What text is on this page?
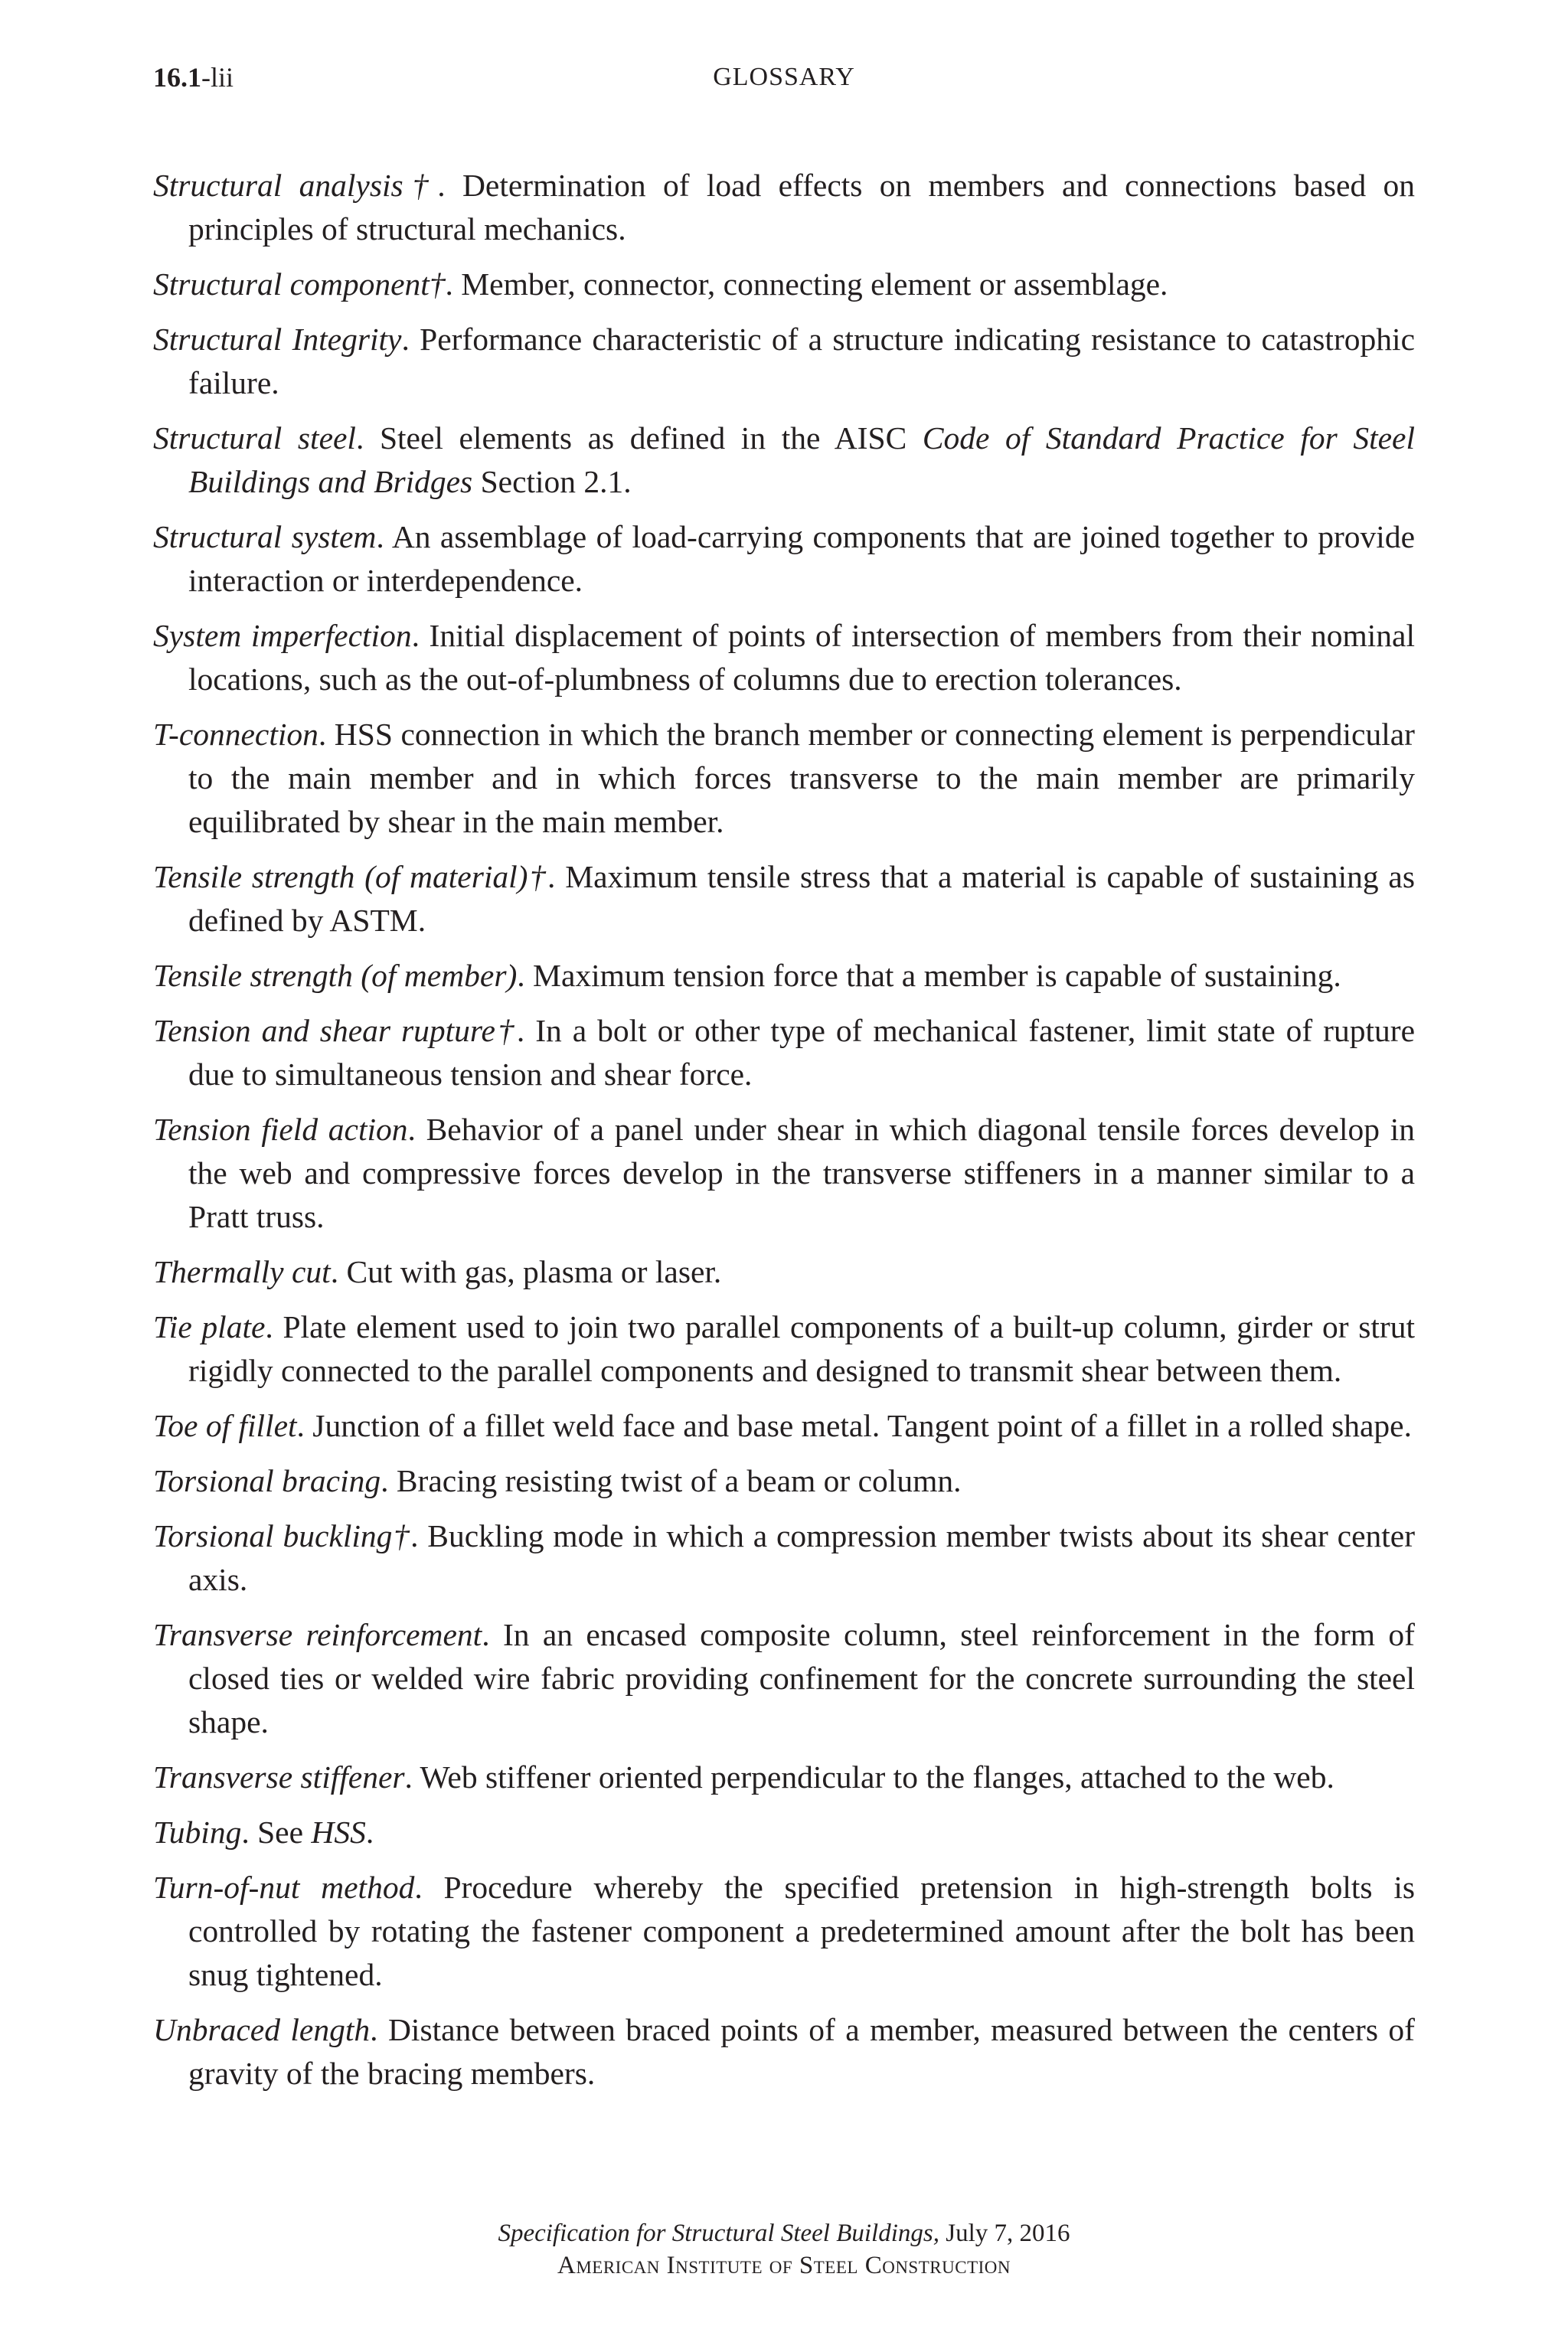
16.1-lii	GLOSSARY

Structural analysis†. Determination of load effects on members and connections based on principles of structural mechanics.

Structural component†. Member, connector, connecting element or assemblage.

Structural Integrity. Performance characteristic of a structure indicating resistance to catastrophic failure.

Structural steel. Steel elements as defined in the AISC Code of Standard Practice for Steel Buildings and Bridges Section 2.1.

Structural system. An assemblage of load-carrying components that are joined together to provide interaction or interdependence.

System imperfection. Initial displacement of points of intersection of members from their nominal locations, such as the out-of-plumbness of columns due to erection tolerances.

T-connection. HSS connection in which the branch member or connecting element is perpendicular to the main member and in which forces transverse to the main member are primarily equilibrated by shear in the main member.

Tensile strength (of material)†. Maximum tensile stress that a material is capable of sustaining as defined by ASTM.

Tensile strength (of member). Maximum tension force that a member is capable of sustaining.

Tension and shear rupture†. In a bolt or other type of mechanical fastener, limit state of rupture due to simultaneous tension and shear force.

Tension field action. Behavior of a panel under shear in which diagonal tensile forces develop in the web and compressive forces develop in the transverse stiffeners in a manner similar to a Pratt truss.

Thermally cut. Cut with gas, plasma or laser.

Tie plate. Plate element used to join two parallel components of a built-up column, girder or strut rigidly connected to the parallel components and designed to transmit shear between them.

Toe of fillet. Junction of a fillet weld face and base metal. Tangent point of a fillet in a rolled shape.

Torsional bracing. Bracing resisting twist of a beam or column.

Torsional buckling†. Buckling mode in which a compression member twists about its shear center axis.

Transverse reinforcement. In an encased composite column, steel reinforcement in the form of closed ties or welded wire fabric providing confinement for the concrete surrounding the steel shape.

Transverse stiffener. Web stiffener oriented perpendicular to the flanges, attached to the web.

Tubing. See HSS.

Turn-of-nut method. Procedure whereby the specified pretension in high-strength bolts is controlled by rotating the fastener component a predetermined amount after the bolt has been snug tightened.

Unbraced length. Distance between braced points of a member, measured between the centers of gravity of the bracing members.

Specification for Structural Steel Buildings, July 7, 2016
American Institute of Steel Construction
